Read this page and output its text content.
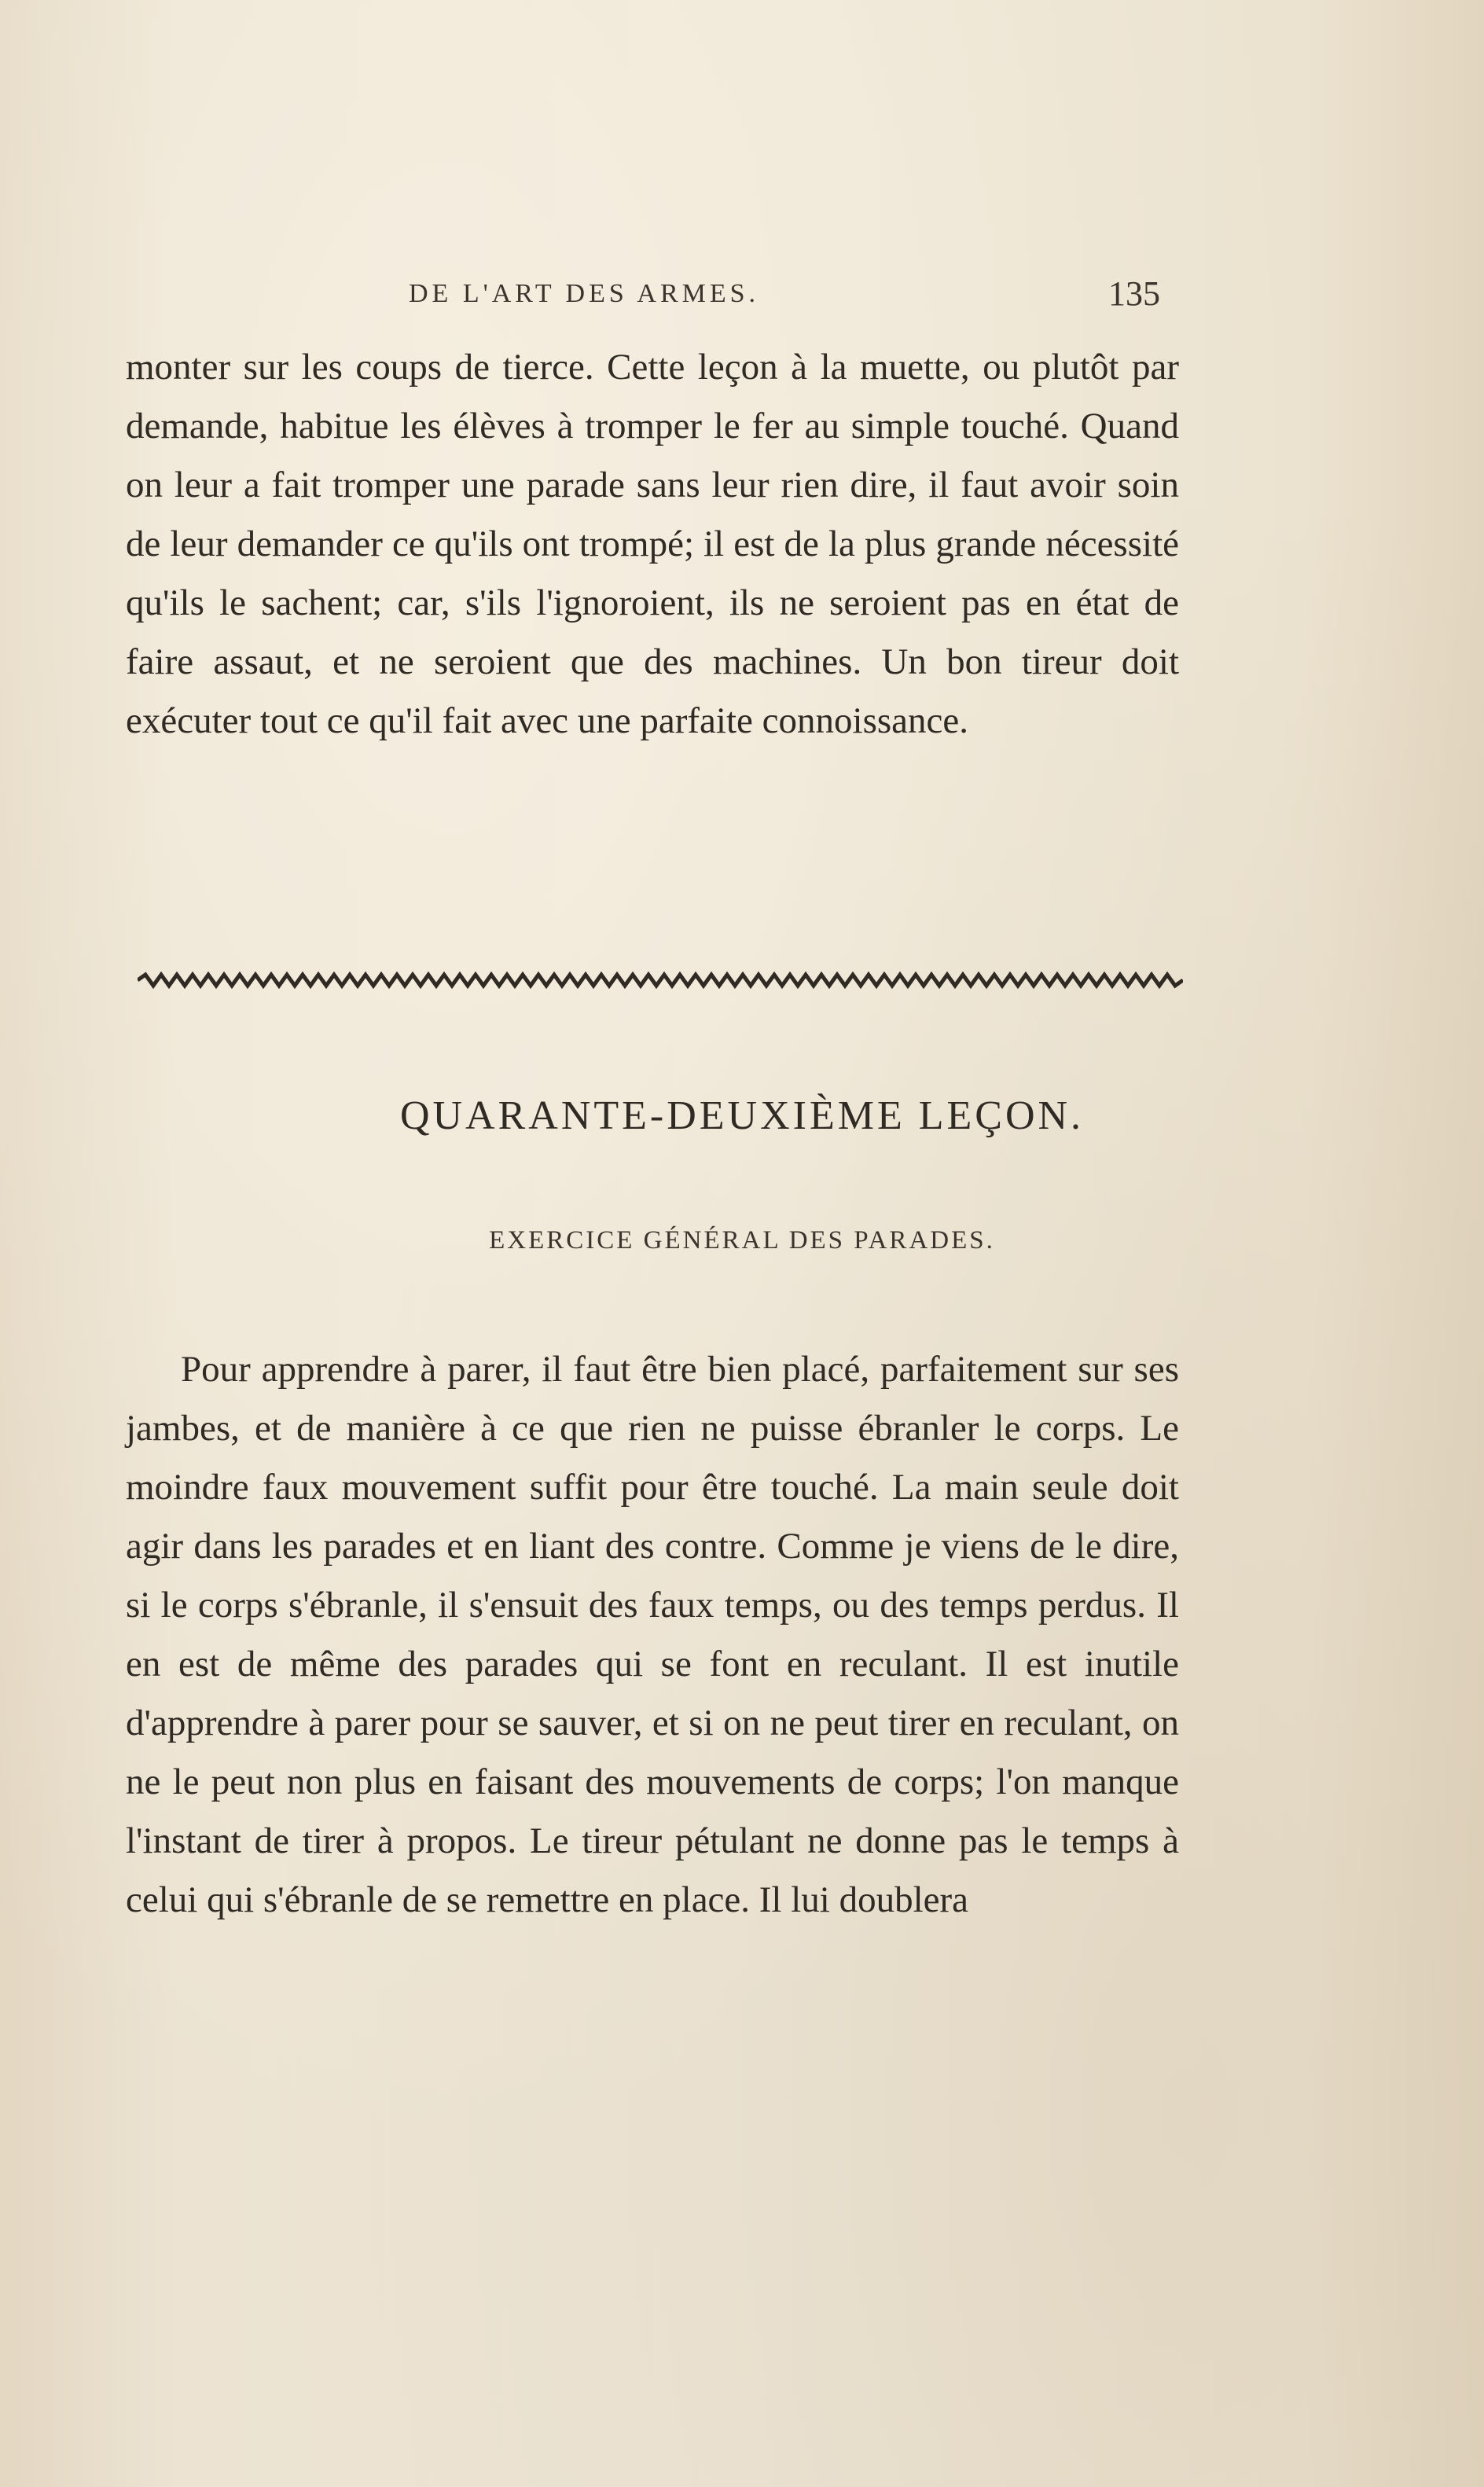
DE L'ART DES ARMES.	135

monter sur les coups de tierce. Cette leçon à la muette, ou plutôt par demande, habitue les élèves à tromper le fer au simple touché. Quand on leur a fait tromper une parade sans leur rien dire, il faut avoir soin de leur demander ce qu'ils ont trompé; il est de la plus grande nécessité qu'ils le sachent; car, s'ils l'ignoroient, ils ne seroient pas en état de faire assaut, et ne seroient que des machines. Un bon tireur doit exécuter tout ce qu'il fait avec une parfaite connoissance.

QUARANTE-DEUXIÈME LEÇON.
EXERCICE GÉNÉRAL DES PARADES.

Pour apprendre à parer, il faut être bien placé, parfaitement sur ses jambes, et de manière à ce que rien ne puisse ébranler le corps. Le moindre faux mouvement suffit pour être touché. La main seule doit agir dans les parades et en liant des contre. Comme je viens de le dire, si le corps s'ébranle, il s'ensuit des faux temps, ou des temps perdus. Il en est de même des parades qui se font en reculant. Il est inutile d'apprendre à parer pour se sauver, et si on ne peut tirer en reculant, on ne le peut non plus en faisant des mouvements de corps; l'on manque l'instant de tirer à propos. Le tireur pétulant ne donne pas le temps à celui qui s'ébranle de se remettre en place. Il lui doublera
